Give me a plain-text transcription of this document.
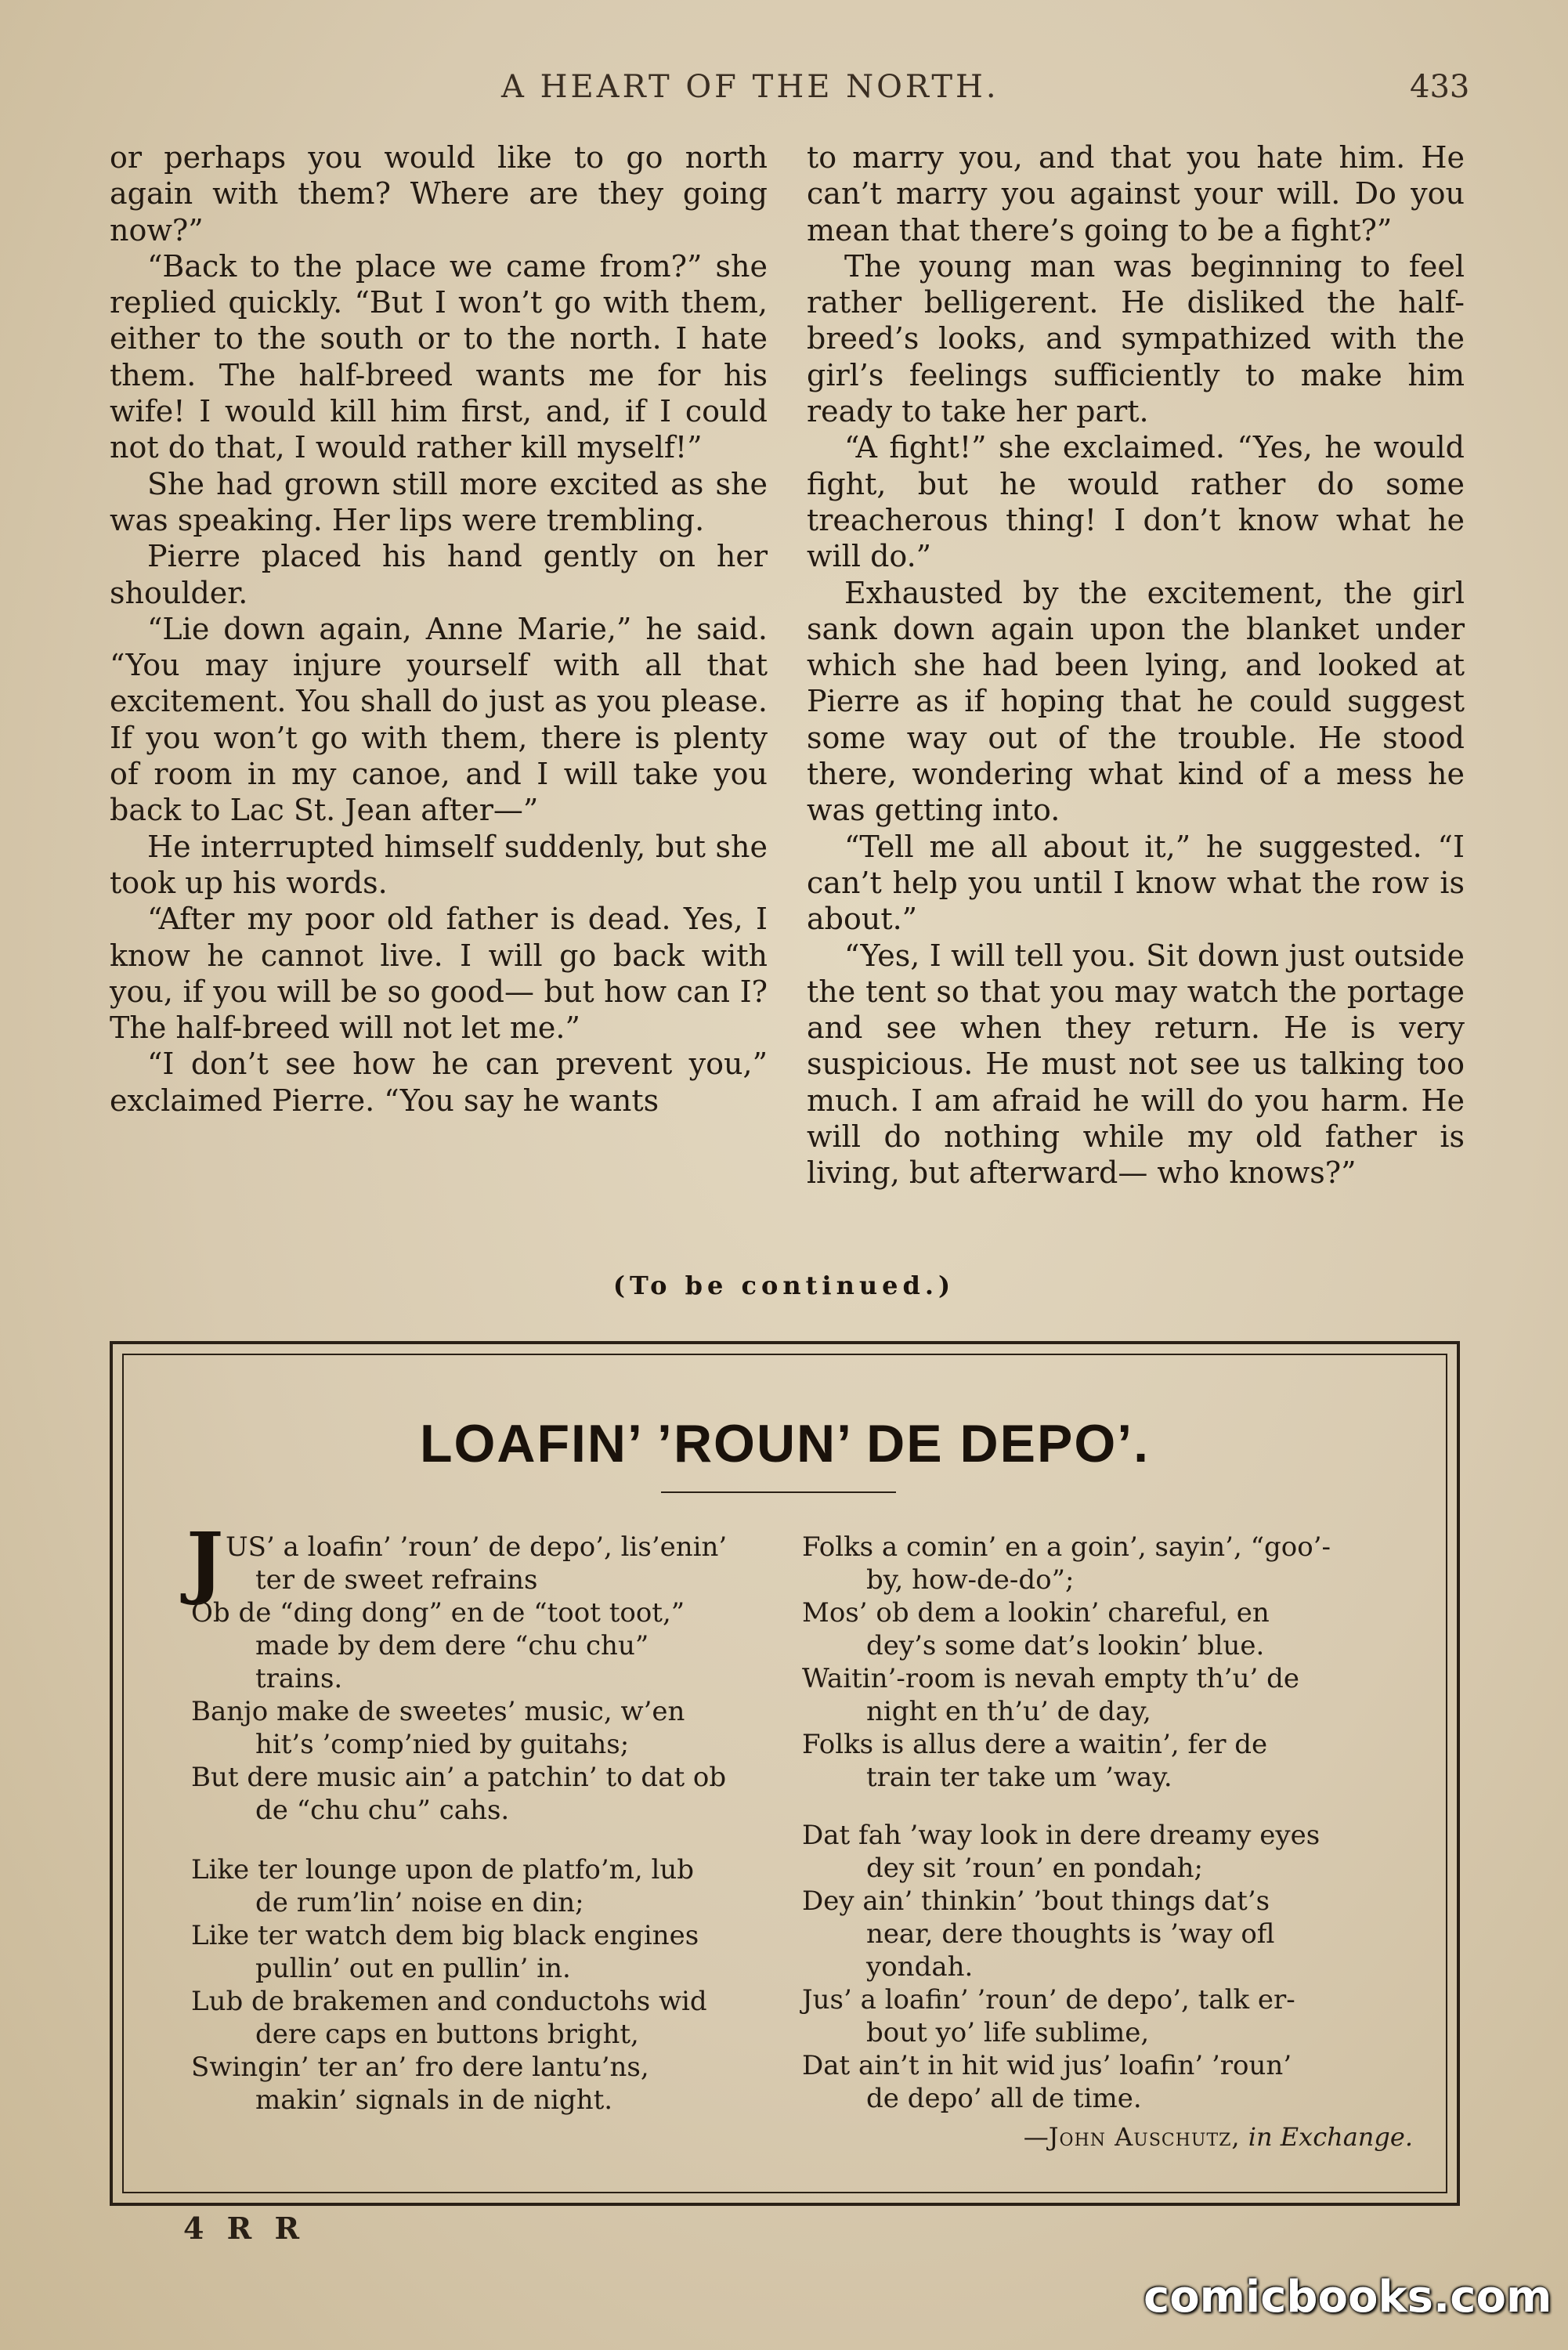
A HEART OF THE NORTH.	433

or perhaps you would like to go north again with them? Where are they going now?”

“Back to the place we came from?” she replied quickly. “But I won’t go with them, either to the south or to the north. I hate them. The half-breed wants me for his wife! I would kill him first, and, if I could not do that, I would rather kill myself!”

She had grown still more excited as she was speaking. Her lips were trembling.

Pierre placed his hand gently on her shoulder.

“Lie down again, Anne Marie,” he said. “You may injure yourself with all that excitement. You shall do just as you please. If you won’t go with them, there is plenty of room in my canoe, and I will take you back to Lac St. Jean after—”

He interrupted himself suddenly, but she took up his words.

“After my poor old father is dead. Yes, I know he cannot live. I will go back with you, if you will be so good— but how can I? The half-breed will not let me.”

“I don’t see how he can prevent you,” exclaimed Pierre. “You say he wants

to marry you, and that you hate him. He can’t marry you against your will. Do you mean that there’s going to be a fight?”

The young man was beginning to feel rather belligerent. He disliked the half-breed’s looks, and sympathized with the girl’s feelings sufficiently to make him ready to take her part.

“A fight!” she exclaimed. “Yes, he would fight, but he would rather do some treacherous thing! I don’t know what he will do.”

Exhausted by the excitement, the girl sank down again upon the blanket under which she had been lying, and looked at Pierre as if hoping that he could suggest some way out of the trouble. He stood there, wondering what kind of a mess he was getting into.

“Tell me all about it,” he suggested. “I can’t help you until I know what the row is about.”

“Yes, I will tell you. Sit down just outside the tent so that you may watch the portage and see when they return. He is very suspicious. He must not see us talking too much. I am afraid he will do you harm. He will do nothing while my old father is living, but afterward— who knows?”

(To be continued.)
LOAFIN’ ’ROUN’ DE DEPO’.
J US’ a loafin’ ’roun’ de depo’, lis’enin’
ter de sweet refrains
Ob de “ding dong” en de “toot toot,”
made by dem dere “chu chu”
trains.
Banjo make de sweetes’ music, w’en
hit’s ’comp’nied by guitahs;
But dere music ain’ a patchin’ to dat ob
de “chu chu” cahs.
Like ter lounge upon de platfo’m, lub
de rum’lin’ noise en din;
Like ter watch dem big black engines
pullin’ out en pullin’ in.
Lub de brakemen and conductohs wid
dere caps en buttons bright,
Swingin’ ter an’ fro dere lantu’ns,
makin’ signals in de night.
Folks a comin’ en a goin’, sayin’, “goo’-
by, how-de-do”;
Mos’ ob dem a lookin’ chareful, en
dey’s some dat’s lookin’ blue.
Waitin’-room is nevah empty th’u’ de
night en th’u’ de day,
Folks is allus dere a waitin’, fer de
train ter take um ’way.
Dat fah ’way look in dere dreamy eyes
dey sit ’roun’ en pondah;
Dey ain’ thinkin’ ’bout things dat’s
near, dere thoughts is ’way ofl
yondah.
Jus’ a loafin’ ’roun’ de depo’, talk er-
bout yo’ life sublime,
Dat ain’t in hit wid jus’ loafin’ ’roun’
de depo’ all de time.
—John Auschutz, in Exchange.
4 R R
comicbooks.com
